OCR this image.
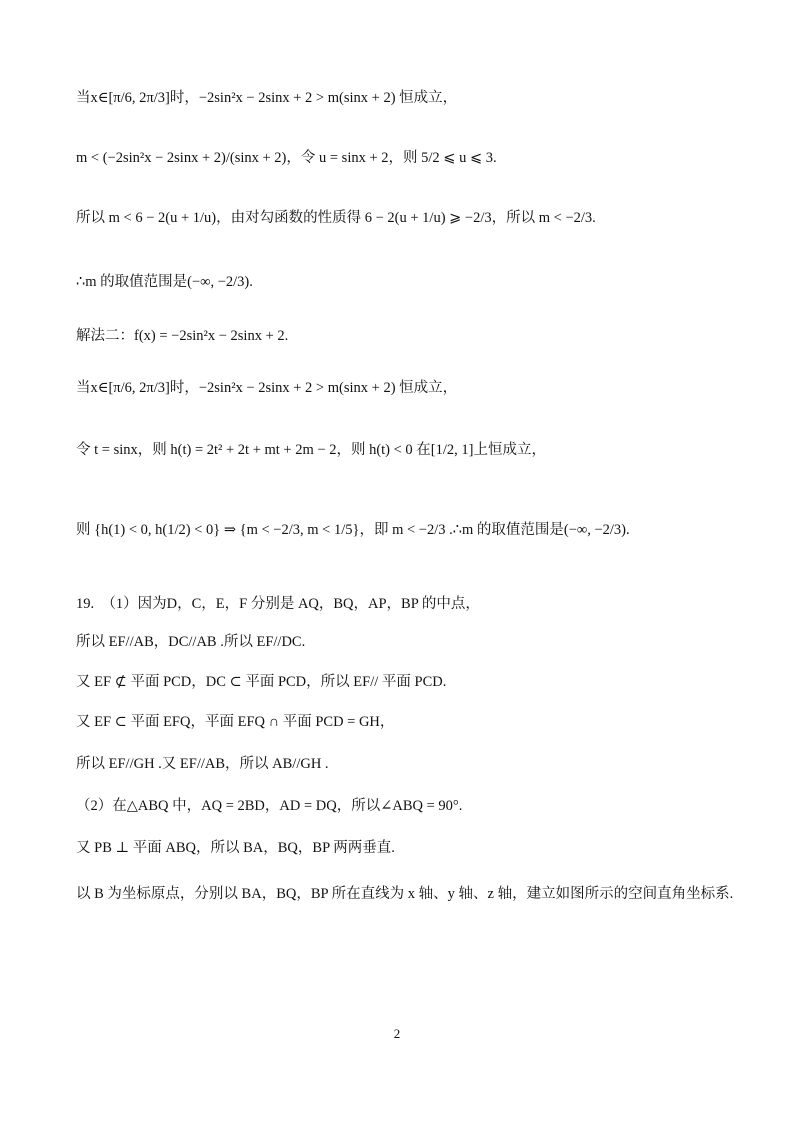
当x∈[π/6, 2π/3]时，−2sin²x − 2sinx + 2 > m(sinx + 2) 恒成立，
m < (−2sin²x − 2sinx + 2)/(sinx + 2)，令 u = sinx + 2，则 5/2 ⩽ u ⩽ 3.
所以 m < 6 − 2(u + 1/u)，由对勾函数的性质得 6 − 2(u + 1/u) ⩾ −2/3，所以 m < −2/3.
∴m 的取值范围是(−∞, −2/3).
解法二：f(x) = −2sin²x − 2sinx + 2.
当x∈[π/6, 2π/3]时，−2sin²x − 2sinx + 2 > m(sinx + 2) 恒成立，
令 t = sinx，则 h(t) = 2t² + 2t + mt + 2m − 2，则 h(t) < 0 在[1/2, 1]上恒成立，
则 {h(1) < 0, h(1/2) < 0} ⇒ {m < −2/3, m < 1/5}，即 m < −2/3 .∴m 的取值范围是(−∞, −2/3).
19.　（1）因为D，C，E，F 分别是 AQ，BQ，AP，BP 的中点，
所以 EF//AB，DC//AB .所以 EF//DC.
又 EF ⊄ 平面 PCD，DC ⊂ 平面 PCD，所以 EF// 平面 PCD.
又 EF ⊂ 平面 EFQ，平面 EFQ ∩ 平面 PCD = GH，
所以 EF//GH .又 EF//AB，所以 AB//GH .
（2）在△ABQ 中，AQ = 2BD，AD = DQ，所以∠ABQ = 90°.
又 PB ⊥ 平面 ABQ，所以 BA，BQ，BP 两两垂直.
以 B 为坐标原点，分别以 BA，BQ，BP 所在直线为 x 轴、y 轴、z 轴，建立如图所示的空间直角坐标系.
2
